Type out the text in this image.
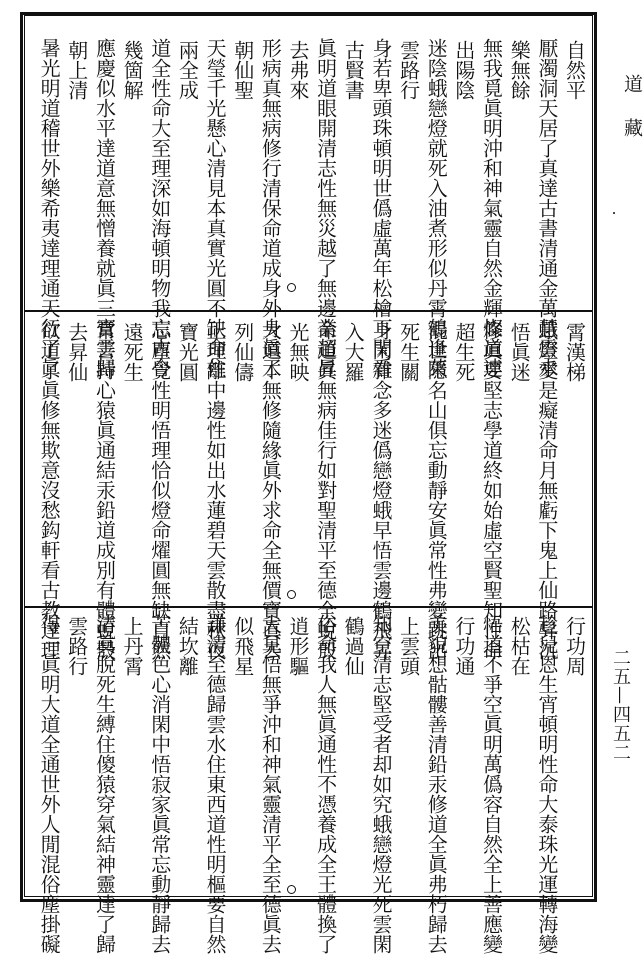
自然平
厭濁洞天居了真達古書清通金萬慧雲水
樂無餘
無我覓眞明沖和神氣靈自然金輝燦道達
出陽陰
迷陰蛾戀燈就死入油煮形似丹霄鶴逢萊
雲路行
身若卑頭珠頓明世僞虛萬年松檜下閑看
古賢書
眞明道眼開清志性無災越了無邊業超昇
去弗來
形病真無病修行清保命道成身外身眞了
朝仙聖
天瑩千光懸心清見本真實光圓不缺命住
兩全成
道全性命大至理深如海頓明物我忘古今
幾箇解
應慶似水平達道意無憎養就眞三寶雲歸
朝上清
暑光明道稽世外樂希夷達理通天行了眞	霄漢梯
蛾燈愛是癡清命月無虧下鬼上仙路昇沉
悟眞迷
修眞要堅志學道終如始虛空賢聖知性命
超生死
混世隱名山俱忘動靜安眞常性弗變跳出
死生關
身閑雜念多迷僞戀燈蛾早悟雲邊鶴飛昇
入大羅
命道眞無病佳行如對聖清平至德全蛻殼
光無映
大道本無修隨緣眞外求命全無價寶眞去
列仙儔
正理離中邊性如出水蓮碧天雲散盡秋夜
寶光圓
忘塵覺性明悟理恰似燈命燿圓無缺自然
遠死生
常善持心猿眞通結汞鉛道成別有體蛻殼
去昇仙
欲道了眞修無欺意沒愁鈎軒看古教達理	行功周
趁兒恩生宵頓明性命大泰珠光運轉海變
松枯在
悟道不爭空眞明萬僞容自然全上善應變
行功通
美貌想骷髏善清鉛汞修道全眞弗朽歸去
上雲頭
知空清志堅受者却如究蛾戀燈光死雲閑
鶴過仙
俗命我人無眞通性不憑養成全王體換了
逍形驅
大見悟無爭沖和神氣靈清平全至德眞去
似飛星
謙清至德歸雲水住東西道性明樞要自然
結坎離
苦體色心消閑中悟寂家眞常忘動靜歸去
上丹霄
清眞脫死生縛住傻猿穿氣結神靈達了歸
雲路行
得一眞明大道全通世外人閒混俗塵掛礙
道
藏
二五—四五二
